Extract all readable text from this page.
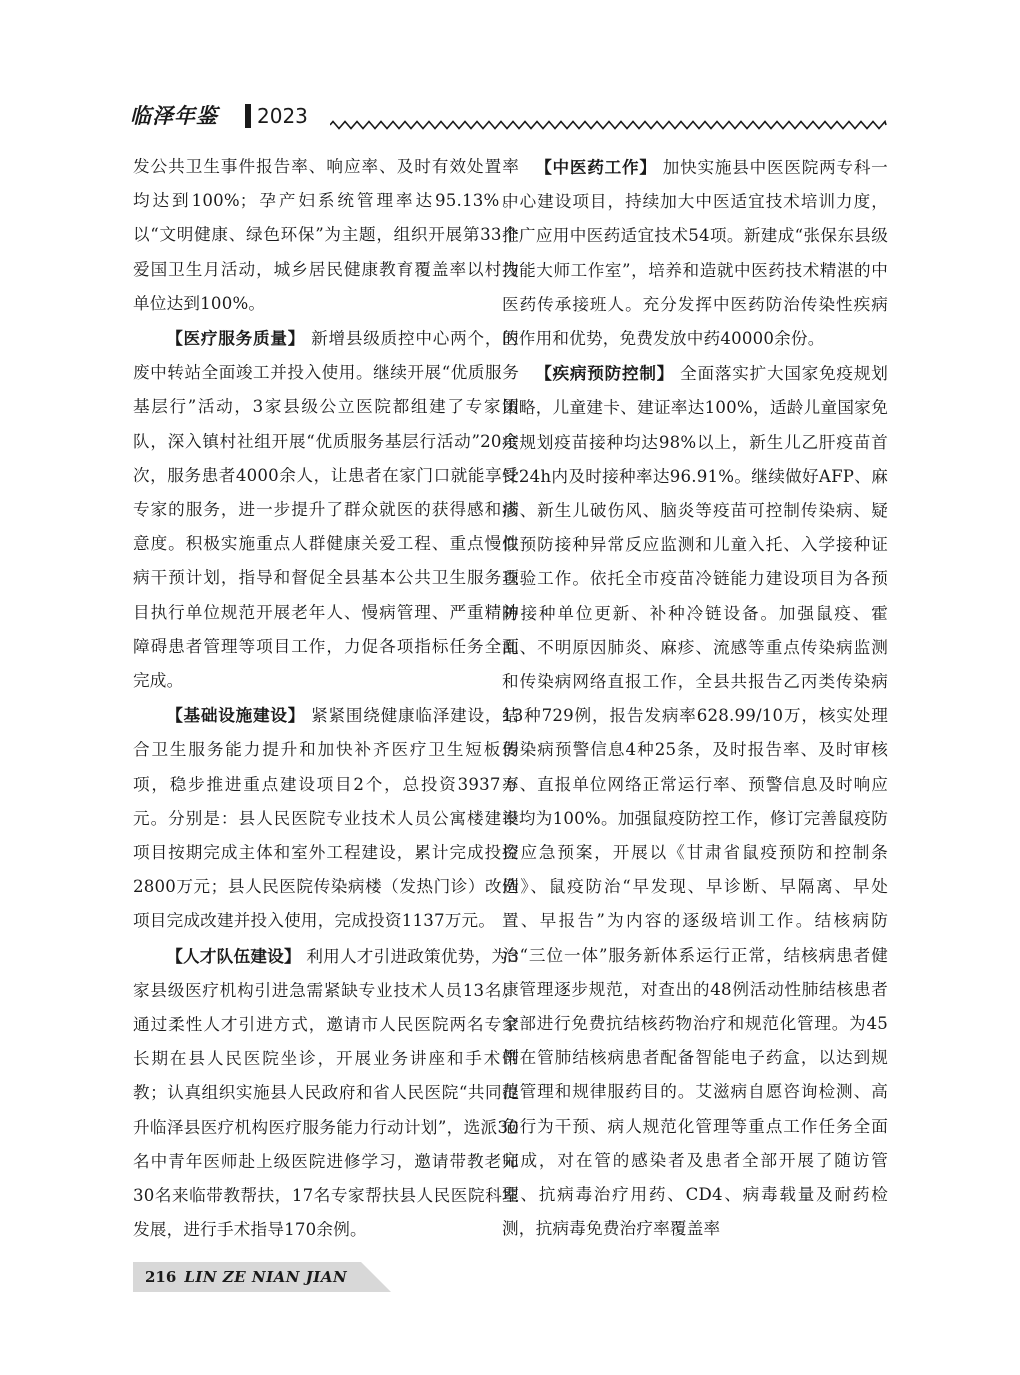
临泽年鉴 2023

发公共卫生事件报告率、响应率、及时有效处置率均达到100%；孕产妇系统管理率达95.13%。以“文明健康、绿色环保”为主题，组织开展第33个爱国卫生月活动，城乡居民健康教育覆盖率以村为单位达到100%。

【医疗服务质量】 新增县级质控中心两个，医废中转站全面竣工并投入使用。继续开展“优质服务基层行”活动，3家县级公立医院都组建了专家团队，深入镇村社组开展“优质服务基层行活动”20余次，服务患者4000余人，让患者在家门口就能享受专家的服务，进一步提升了群众就医的获得感和满意度。积极实施重点人群健康关爱工程、重点慢性病干预计划，指导和督促全县基本公共卫生服务项目执行单位规范开展老年人、慢病管理、严重精神障碍患者管理等项目工作，力促各项指标任务全面完成。

【基础设施建设】 紧紧围绕健康临泽建设，结合卫生服务能力提升和加快补齐医疗卫生短板弱项，稳步推进重点建设项目2个，总投资3937万元。分别是：县人民医院专业技术人员公寓楼建设项目按期完成主体和室外工程建设，累计完成投资2800万元；县人民医院传染病楼（发热门诊）改造项目完成改建并投入使用，完成投资1137万元。

【人才队伍建设】 利用人才引进政策优势，为3家县级医疗机构引进急需紧缺专业技术人员13名；通过柔性人才引进方式，邀请市人民医院两名专家长期在县人民医院坐诊，开展业务讲座和手术带教；认真组织实施县人民政府和省人民医院“共同提升临泽县医疗机构医疗服务能力行动计划”，选派30名中青年医师赴上级医院进修学习，邀请带教老师30名来临带教帮扶，17名专家帮扶县人民医院科室发展，进行手术指导170余例。

【中医药工作】 加快实施县中医医院两专科一中心建设项目，持续加大中医适宜技术培训力度，推广应用中医药适宜技术54项。新建成“张保东县级技能大师工作室”，培养和造就中医药技术精湛的中医药传承接班人。充分发挥中医药防治传染性疾病的作用和优势，免费发放中药40000余份。

【疾病预防控制】 全面落实扩大国家免疫规划策略，儿童建卡、建证率达100%，适龄儿童国家免疫规划疫苗接种均达98%以上，新生儿乙肝疫苗首针24h内及时接种率达96.91%。继续做好AFP、麻疹、新生儿破伤风、脑炎等疫苗可控制传染病、疑似预防接种异常反应监测和儿童入托、入学接种证查验工作。依托全市疫苗冷链能力建设项目为各预防接种单位更新、补种冷链设备。加强鼠疫、霍乱、不明原因肺炎、麻疹、流感等重点传染病监测和传染病网络直报工作，全县共报告乙丙类传染病13种729例，报告发病率628.99/10万，核实处理传染病预警信息4种25条，及时报告率、及时审核率、直报单位网络正常运行率、预警信息及时响应率均为100%。加强鼠疫防控工作，修订完善鼠疫防控应急预案，开展以《甘肃省鼠疫预防和控制条例》、鼠疫防治“早发现、早诊断、早隔离、早处置、早报告”为内容的逐级培训工作。结核病防治“三位一体”服务新体系运行正常，结核病患者健康管理逐步规范，对查出的48例活动性肺结核患者全部进行免费抗结核药物治疗和规范化管理。为45例在管肺结核病患者配备智能电子药盒，以达到规范管理和规律服药目的。艾滋病自愿咨询检测、高危行为干预、病人规范化管理等重点工作任务全面完成，对在管的感染者及患者全部开展了随访管理、抗病毒治疗用药、CD4、病毒载量及耐药检测，抗病毒免费治疗率覆盖率

216 LIN ZE NIAN JIAN
